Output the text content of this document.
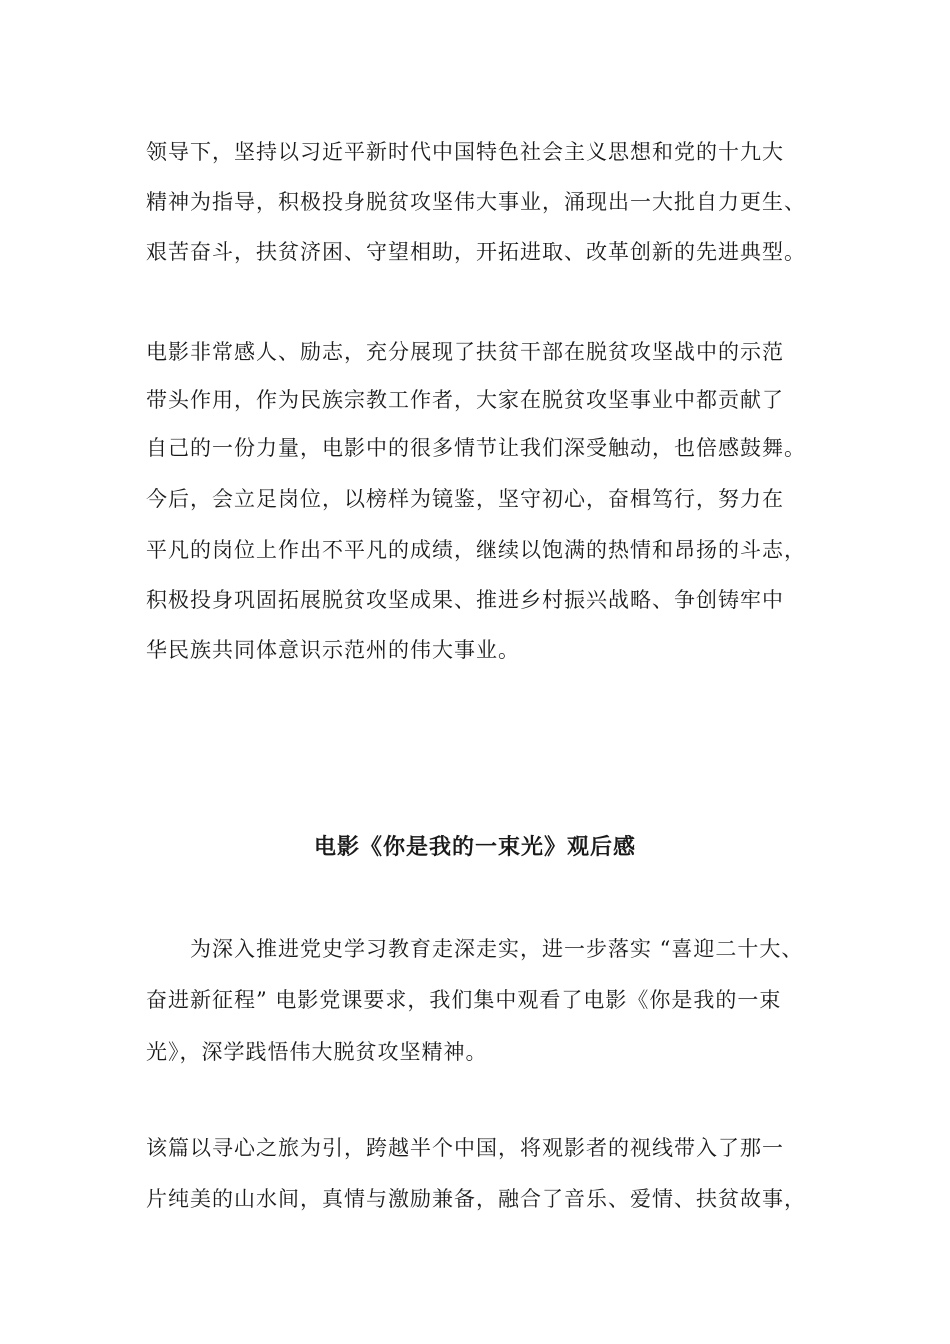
领导下，坚持以习近平新时代中国特色社会主义思想和党的十九大
精神为指导，积极投身脱贫攻坚伟大事业，涌现出一大批自力更生、
艰苦奋斗，扶贫济困、守望相助，开拓进取、改革创新的先进典型。
电影非常感人、励志，充分展现了扶贫干部在脱贫攻坚战中的示范
带头作用，作为民族宗教工作者，大家在脱贫攻坚事业中都贡献了
自己的一份力量，电影中的很多情节让我们深受触动，也倍感鼓舞。
今后，会立足岗位，以榜样为镜鉴，坚守初心，奋楫笃行，努力在
平凡的岗位上作出不平凡的成绩，继续以饱满的热情和昂扬的斗志，
积极投身巩固拓展脱贫攻坚成果、推进乡村振兴战略、争创铸牢中
华民族共同体意识示范州的伟大事业。
电影《你是我的一束光》观后感
为深入推进党史学习教育走深走实，进一步落实 “喜迎二十大、
奋进新征程” 电影党课要求，我们集中观看了电影《你是我的一束
光》，深学践悟伟大脱贫攻坚精神。
该篇以寻心之旅为引，跨越半个中国，将观影者的视线带入了那一
片纯美的山水间，真情与激励兼备，融合了音乐、爱情、扶贫故事，
